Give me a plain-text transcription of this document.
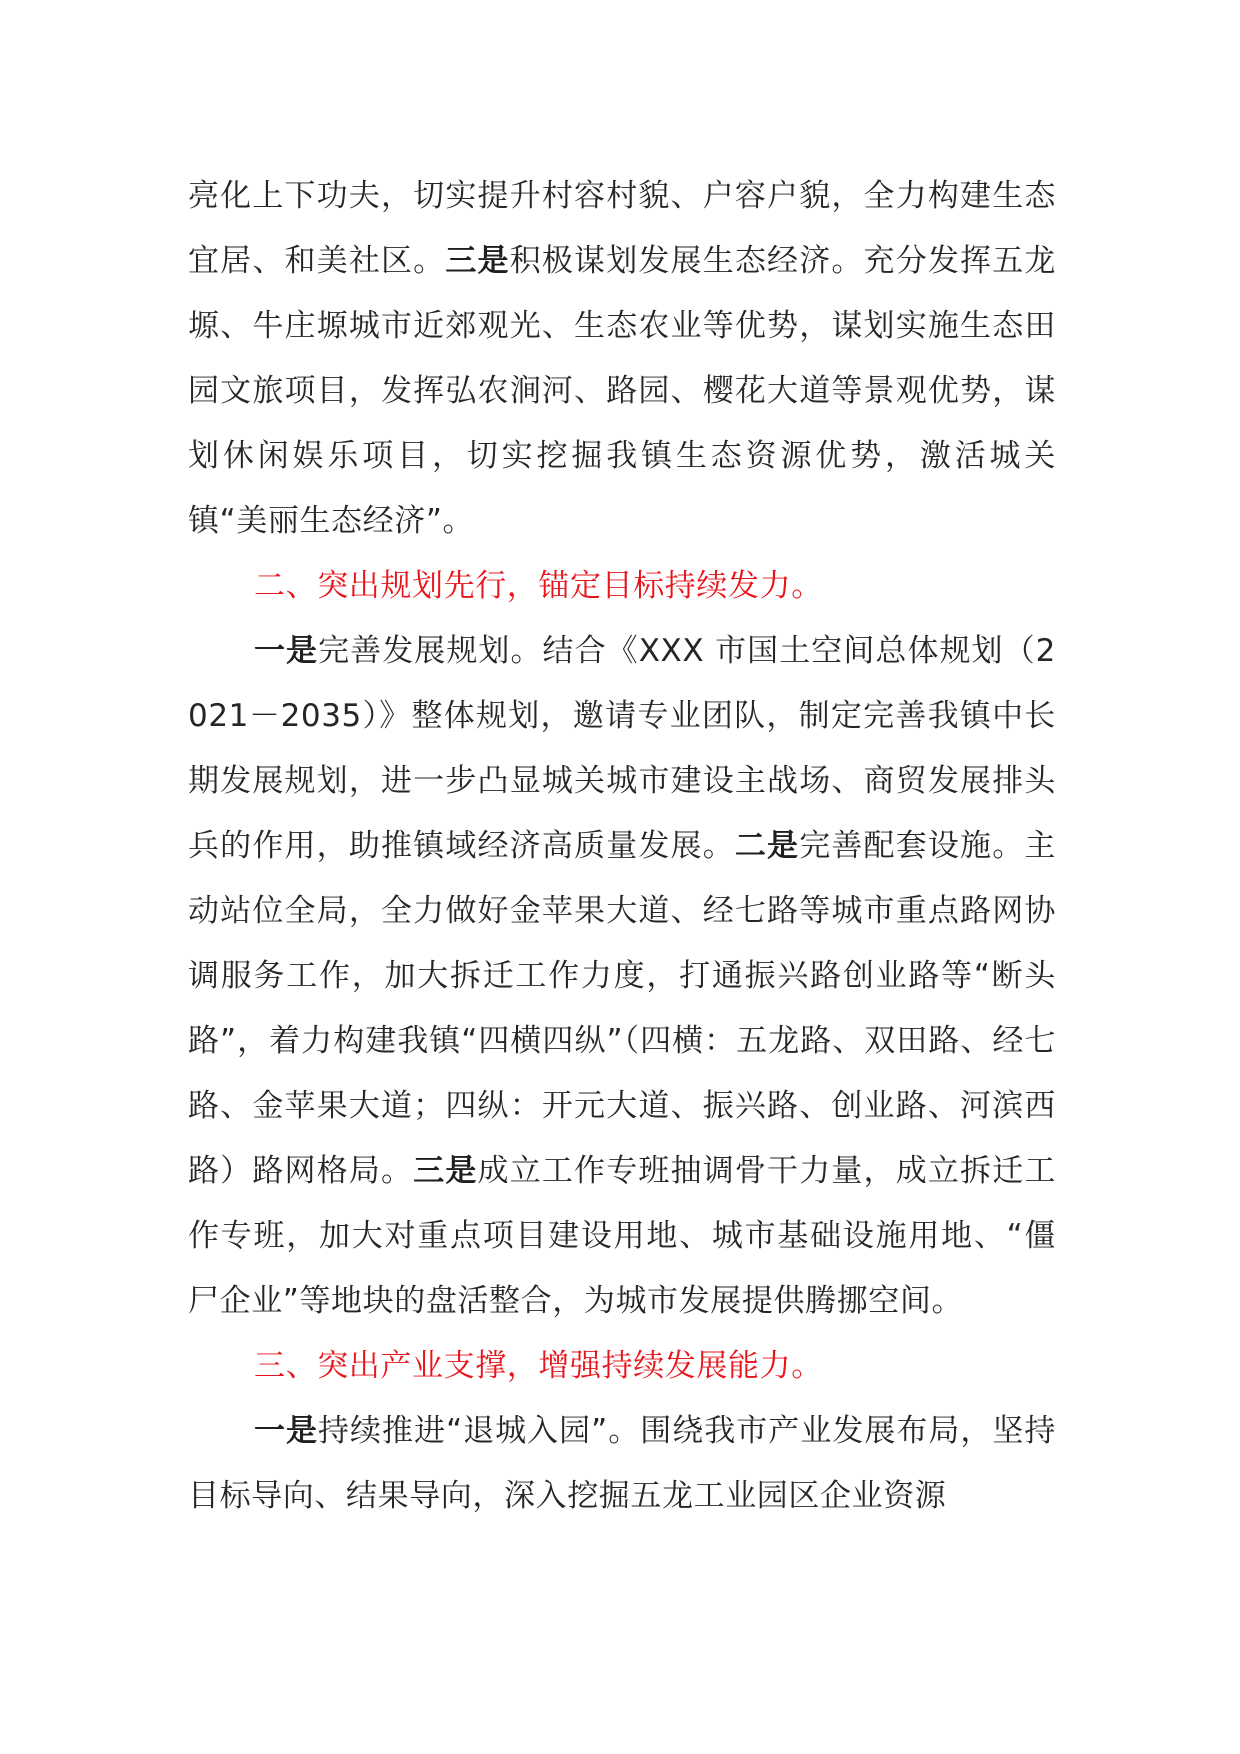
亮化上下功夫，切实提升村容村貌、户容户貌，全力构建生态宜居、和美社区。三是积极谋划发展生态经济。充分发挥五龙塬、牛庄塬城市近郊观光、生态农业等优势，谋划实施生态田园文旅项目，发挥弘农涧河、路园、樱花大道等景观优势，谋划休闲娱乐项目，切实挖掘我镇生态资源优势，激活城关镇“美丽生态经济”。

二、突出规划先行，锚定目标持续发力。

一是完善发展规划。结合《XXX 市国土空间总体规划（2021－2035）》整体规划，邀请专业团队，制定完善我镇中长期发展规划，进一步凸显城关城市建设主战场、商贸发展排头兵的作用，助推镇域经济高质量发展。二是完善配套设施。主动站位全局，全力做好金苹果大道、经七路等城市重点路网协调服务工作，加大拆迁工作力度，打通振兴路创业路等“断头路”，着力构建我镇“四横四纵”（四横：五龙路、双田路、经七路、金苹果大道；四纵：开元大道、振兴路、创业路、河滨西路）路网格局。三是成立工作专班抽调骨干力量，成立拆迁工作专班，加大对重点项目建设用地、城市基础设施用地、“僵尸企业”等地块的盘活整合，为城市发展提供腾挪空间。

三、突出产业支撑，增强持续发展能力。

一是持续推进“退城入园”。围绕我市产业发展布局，坚持目标导向、结果导向，深入挖掘五龙工业园区企业资源
